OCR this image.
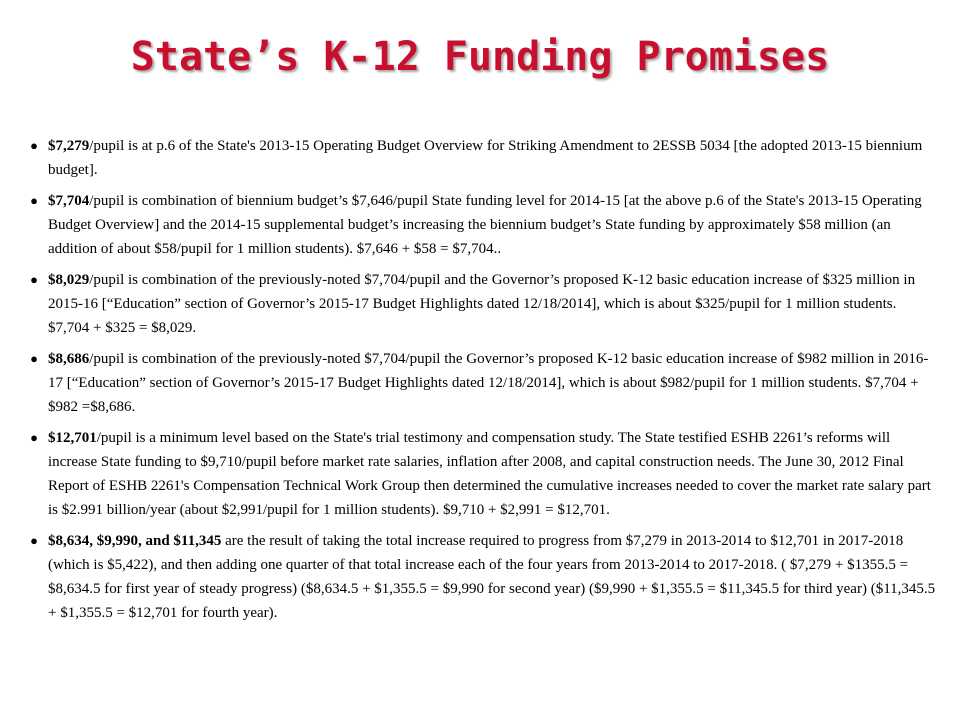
State’s K-12 Funding Promises
● $7,279/pupil is at p.6 of the State's 2013-15 Operating Budget Overview for Striking Amendment to 2ESSB 5034 [the adopted 2013-15 biennium budget].
● $7,704/pupil is combination of biennium budget’s $7,646/pupil State funding level for 2014-15 [at the above p.6 of the State's 2013-15 Operating Budget Overview] and the 2014-15 supplemental budget’s increasing the biennium budget’s State funding by approximately $58 million (an addition of about $58/pupil for 1 million students). $7,646 + $58 = $7,704..
● $8,029/pupil is combination of the previously-noted $7,704/pupil and the Governor’s proposed K-12 basic education increase of $325 million in 2015-16 [“Education” section of Governor’s 2015-17 Budget Highlights dated 12/18/2014], which is about $325/pupil for 1 million students. $7,704 + $325 = $8,029.
● $8,686/pupil is combination of the previously-noted $7,704/pupil the Governor’s proposed K-12 basic education increase of $982 million in 2016-17 [“Education” section of Governor’s 2015-17 Budget Highlights dated 12/18/2014], which is about $982/pupil for 1 million students. $7,704 + $982 =$8,686.
● $12,701/pupil is a minimum level based on the State's trial testimony and compensation study. The State testified ESHB 2261’s reforms will increase State funding to $9,710/pupil before market rate salaries, inflation after 2008, and capital construction needs. The June 30, 2012 Final Report of ESHB 2261's Compensation Technical Work Group then determined the cumulative increases needed to cover the market rate salary part is $2.991 billion/year (about $2,991/pupil for 1 million students). $9,710 + $2,991 = $12,701.
● $8,634, $9,990, and $11,345 are the result of taking the total increase required to progress from $7,279 in 2013-2014 to $12,701 in 2017-2018 (which is $5,422), and then adding one quarter of that total increase each of the four years from 2013-2014 to 2017-2018. ( $7,279 + $1355.5 = $8,634.5 for first year of steady progress) ($8,634.5 + $1,355.5 = $9,990 for second year) ($9,990 + $1,355.5 = $11,345.5 for third year) ($11,345.5 + $1,355.5 = $12,701 for fourth year).
